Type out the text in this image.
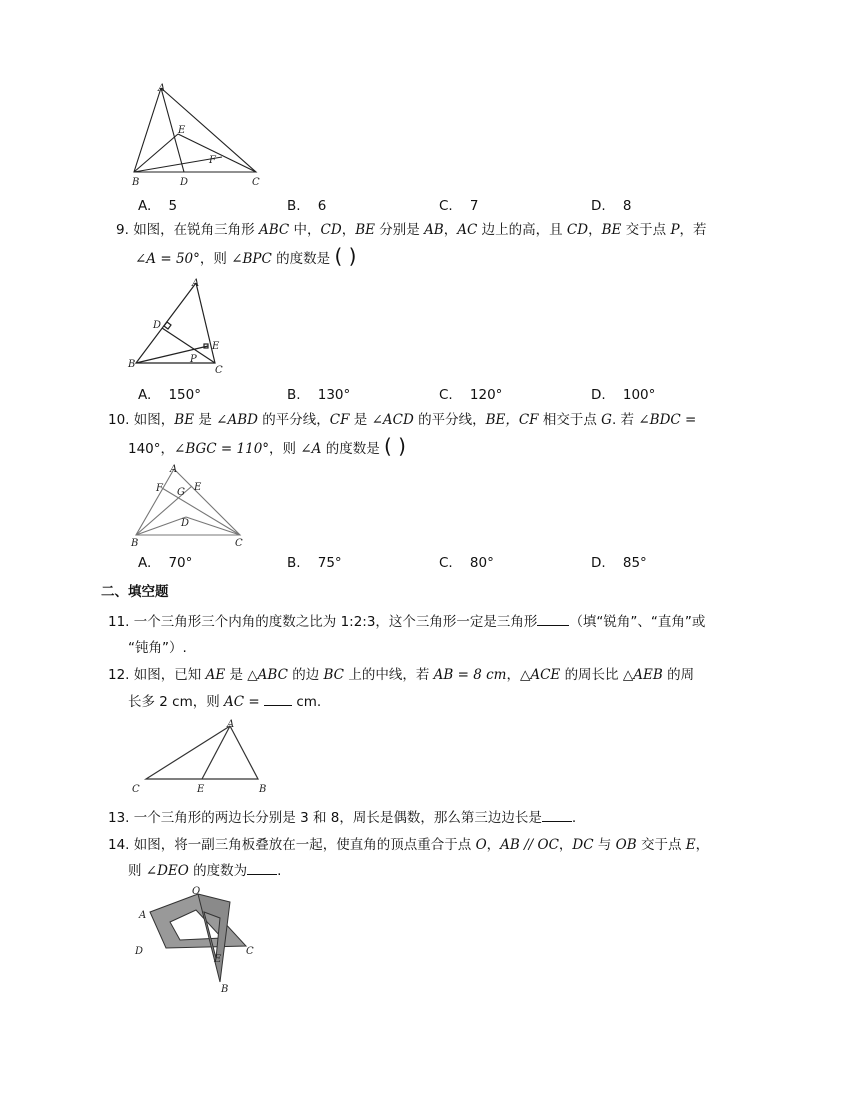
A
E
F
B	D	C
A. 5	B. 6	C. 7	D. 8
9. 如图，在锐角三角形 ABC 中，CD，BE 分别是 AB，AC 边上的高，且 CD，BE 交于点 P，若
∠A = 50°，则 ∠BPC 的度数是 ( )
A
D
E
P
B
C
A. 150°	B. 130°	C. 120°	D. 100°
10. 如图，BE 是 ∠ABD 的平分线，CF 是 ∠ACD 的平分线，BE，CF 相交于点 G. 若 ∠BDC =
140°，∠BGC = 110°，则 ∠A 的度数是 ( )
A
F G E
D
B	C
A. 70°	B. 75°	C. 80°	D. 85°
二、填空题
11. 一个三角形三个内角的度数之比为 1:2:3，这个三角形一定是三角形 （填“锐角”、“直角”或
“钝角”）.
12. 如图，已知 AE 是 △ABC 的边 BC 上的中线，若 AB = 8 cm，△ACE 的周长比 △AEB 的周
长多 2 cm，则 AC =	cm.
A
C	E	B
13. 一个三角形的两边长分别是 3 和 8，周长是偶数，那么第三边边长是 .
14. 如图，将一副三角板叠放在一起，使直角的顶点重合于点 O，AB // OC，DC 与 OB 交于点 E，
则 ∠DEO 的度数为 .
O
A
D	C
E
B
